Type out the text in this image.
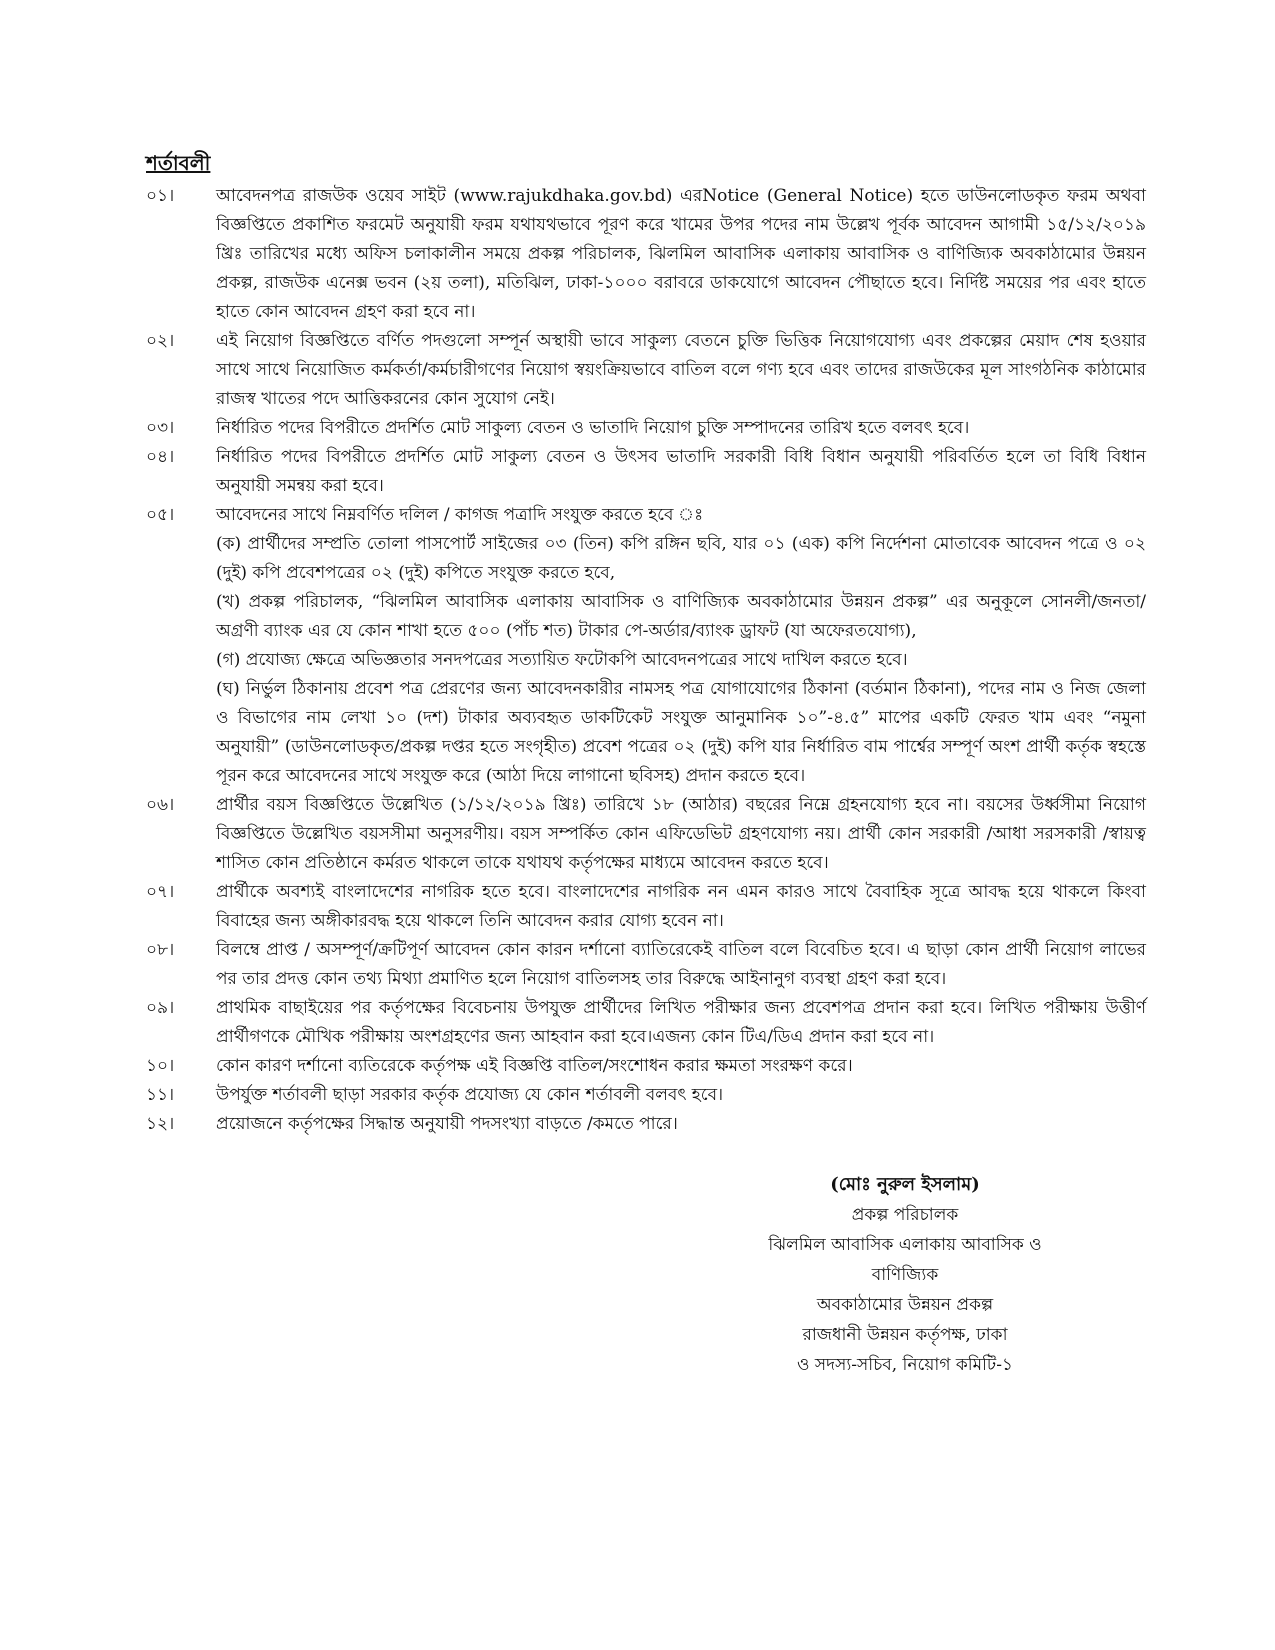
শর্তাবলী
০১।	আবেদনপত্র রাজউক ওয়েব সাইট (www.rajukdhaka.gov.bd) এরNotice (General Notice) হতে ডাউনলোডকৃত ফরম অথবা বিজ্ঞপ্তিতে প্রকাশিত ফরমেট অনুযায়ী ফরম যথাযথভাবে পূরণ করে খামের উপর পদের নাম উল্লেখ পূর্বক আবেদন আগামী ১৫/১২/২০১৯ খ্রিঃ তারিখের মধ্যে অফিস চলাকালীন সময়ে প্রকল্প পরিচালক, ঝিলমিল আবাসিক এলাকায় আবাসিক ও বাণিজ্যিক অবকাঠামোর উন্নয়ন প্রকল্প, রাজউক এনেক্স ভবন (২য় তলা), মতিঝিল, ঢাকা-১০০০ বরাবরে ডাকযোগে আবেদন পৌছাতে হবে। নির্দিষ্ট সময়ের পর এবং হাতে হাতে কোন আবেদন গ্রহণ করা হবে না।

০২।	এই নিয়োগ বিজ্ঞপ্তিতে বর্ণিত পদগুলো সম্পূর্ন অস্থায়ী ভাবে সাকুল্য বেতনে চুক্তি ভিত্তিক নিয়োগযোগ্য এবং প্রকল্পের মেয়াদ শেষ হওয়ার সাথে সাথে নিয়োজিত কর্মকর্তা/কর্মচারীগণের নিয়োগ স্বয়ংক্রিয়ভাবে বাতিল বলে গণ্য হবে এবং তাদের রাজউকের মূল সাংগঠনিক কাঠামোর রাজস্ব খাতের পদে আত্তিকরনের কোন সুযোগ নেই।

০৩।	নির্ধারিত পদের বিপরীতে প্রদর্শিত মোট সাকুল্য বেতন ও ভাতাদি নিয়োগ চুক্তি সম্পাদনের তারিখ হতে বলবৎ হবে।

০৪।	নির্ধারিত পদের বিপরীতে প্রদর্শিত মোট সাকুল্য বেতন ও উৎসব ভাতাদি সরকারী বিধি বিধান অনুযায়ী পরিবর্তিত হলে তা বিধি বিধান অনুযায়ী সমন্বয় করা হবে।

০৫।	আবেদনের সাথে নিম্নবর্ণিত দলিল / কাগজ পত্রাদি সংযুক্ত করতে হবে ঃ

(ক) প্রার্থীদের সম্প্রতি তোলা পাসপোর্ট সাইজের ০৩ (তিন) কপি রঙ্গিন ছবি, যার ০১ (এক) কপি নির্দেশনা মোতাবেক আবেদন পত্রে ও ০২ (দুই) কপি প্রবেশপত্রের ০২ (দুই) কপিতে সংযুক্ত করতে হবে,

(খ) প্রকল্প পরিচালক, “ঝিলমিল আবাসিক এলাকায় আবাসিক ও বাণিজ্যিক অবকাঠামোর উন্নয়ন প্রকল্প” এর অনুকূলে সোনলী/জনতা/অগ্রণী ব্যাংক এর যে কোন শাখা হতে ৫০০ (পাঁচ শত) টাকার পে-অর্ডার/ব্যাংক ড্রাফট (যা অফেরতযোগ্য),

(গ) প্রযোজ্য ক্ষেত্রে অভিজ্ঞতার সনদপত্রের সত্যায়িত ফটোকপি আবেদনপত্রের সাথে দাখিল করতে হবে।

(ঘ) নির্ভুল ঠিকানায় প্রবেশ পত্র প্রেরণের জন্য আবেদনকারীর নামসহ পত্র যোগাযোগের ঠিকানা (বর্তমান ঠিকানা), পদের নাম ও নিজ জেলা ও বিভাগের নাম লেখা ১০ (দশ) টাকার অব্যবহৃত ডাকটিকেট সংযুক্ত আনুমানিক ১০”-৪.৫” মাপের একটি ফেরত খাম এবং “নমুনা অনুযায়ী” (ডাউনলোডকৃত/প্রকল্প দপ্তর হতে সংগৃহীত) প্রবেশ পত্রের ০২ (দুই) কপি যার নির্ধারিত বাম পার্শ্বের সম্পূর্ণ অংশ প্রার্থী কর্তৃক স্বহস্তে পূরন করে আবেদনের সাথে সংযুক্ত করে (আঠা দিয়ে লাগানো ছবিসহ) প্রদান করতে হবে।

০৬।	প্রার্থীর বয়স বিজ্ঞপ্তিতে উল্লেখিত (১/১২/২০১৯ খ্রিঃ) তারিখে ১৮ (আঠার) বছরের নিম্নে গ্রহনযোগ্য হবে না। বয়সের উর্ধ্বসীমা নিয়োগ বিজ্ঞপ্তিতে উল্লেখিত বয়সসীমা অনুসরণীয়। বয়স সম্পর্কিত কোন এফিডেভিট গ্রহণযোগ্য নয়। প্রার্থী কোন সরকারী /আধা সরসকারী /স্বায়ত্ব শাসিত কোন প্রতিষ্ঠানে কর্মরত থাকলে তাকে যথাযথ কর্তৃপক্ষের মাধ্যমে আবেদন করতে হবে।

০৭।	প্রার্থীকে অবশ্যই বাংলাদেশের নাগরিক হতে হবে। বাংলাদেশের নাগরিক নন এমন কারও সাথে বৈবাহিক সূত্রে আবদ্ধ হয়ে থাকলে কিংবা বিবাহের জন্য অঙ্গীকারবদ্ধ হয়ে থাকলে তিনি আবেদন করার যোগ্য হবেন না।

০৮।	বিলম্বে প্রাপ্ত / অসম্পূর্ণ/ক্রটিপূর্ণ আবেদন কোন কারন দর্শানো ব্যাতিরেকেই বাতিল বলে বিবেচিত হবে। এ ছাড়া কোন প্রার্থী নিয়োগ লাভের পর তার প্রদত্ত কোন তথ্য মিথ্যা প্রমাণিত হলে নিয়োগ বাতিলসহ তার বিরুদ্ধে আইনানুগ ব্যবস্থা গ্রহণ করা হবে।

০৯।	প্রাথমিক বাছাইয়ের পর কর্তৃপক্ষের বিবেচনায় উপযুক্ত প্রার্থীদের লিখিত পরীক্ষার জন্য প্রবেশপত্র প্রদান করা হবে। লিখিত পরীক্ষায় উত্তীর্ণ প্রার্থীগণকে মৌখিক পরীক্ষায় অংশগ্রহণের জন্য আহবান করা হবে।এজন্য কোন টিএ/ডিএ প্রদান করা হবে না।

১০।	কোন কারণ দর্শানো ব্যতিরেকে কর্তৃপক্ষ এই বিজ্ঞপ্তি বাতিল/সংশোধন করার ক্ষমতা সংরক্ষণ করে।

১১।	উপর্যুক্ত শর্তাবলী ছাড়া সরকার কর্তৃক প্রযোজ্য যে কোন শর্তাবলী বলবৎ হবে।

১২।	প্রয়োজনে কর্তৃপক্ষের সিদ্ধান্ত অনুযায়ী পদসংখ্যা বাড়তে /কমতে পারে।

(মোঃ নুরুল ইসলাম)
প্রকল্প পরিচালক
ঝিলমিল আবাসিক এলাকায় আবাসিক ও বাণিজ্যিক
অবকাঠামোর উন্নয়ন প্রকল্প
রাজধানী উন্নয়ন কর্তৃপক্ষ, ঢাকা
ও সদস্য-সচিব, নিয়োগ কমিটি-১
